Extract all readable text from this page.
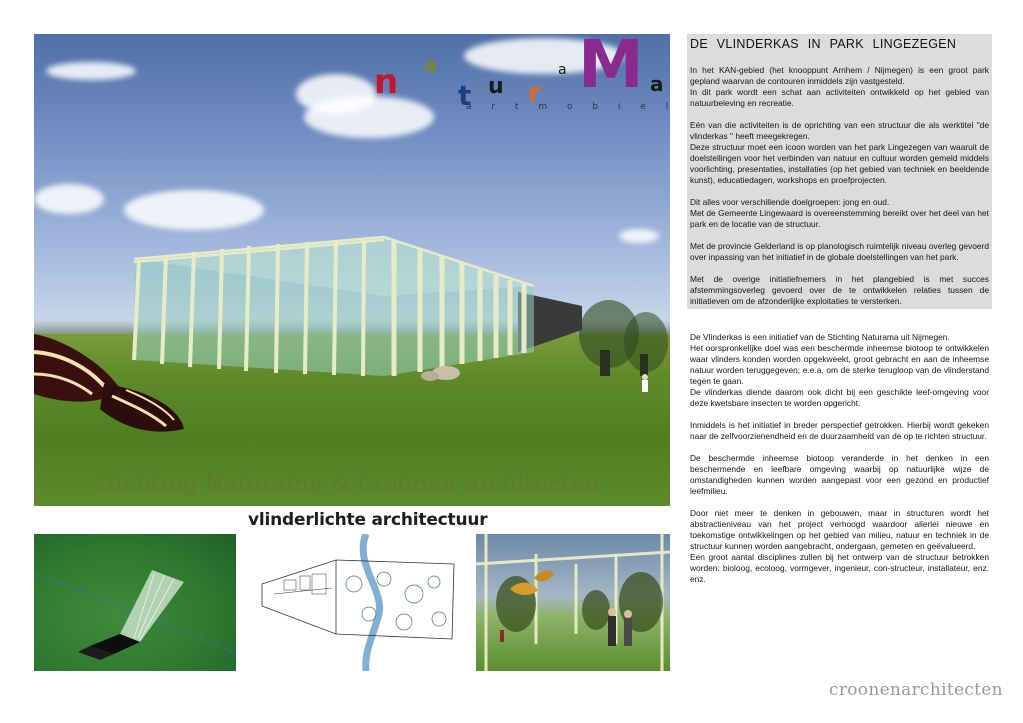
stichting Naturama & Croonen architecten
n a
t u r
a M a
a r t m o b i e l
vlinderlichte architectuur
DE VLINDERKAS IN PARK LINGEZEGEN
In het KAN-gebied (het knooppunt Arnhem / Nijmegen) is een groot park gepland waarvan de contouren inmiddels zijn vastgesteld.
In dit park wordt een schat aan activiteiten ontwikkeld op het gebied van natuurbeleving en recreatie.
Eén van die activiteiten is de oprichting van een structuur die als werktitel "de vlinderkas " heeft meegekregen.
Deze structuur moet een icoon worden van het park Lingezegen van waaruit de doelstellingen voor het verbinden van natuur en cultuur worden gemeld middels voorlichting, presentaties, installaties (op het gebied van techniek en beeldende kunst), educatiedagen, workshops en proefprojecten.
Dit alles voor verschillende doelgroepen: jong en oud.
Met de Gemeente Lingewaard is overeenstemming bereikt over het deel van het park en de locatie van de structuur.
Met de provincie Gelderland is op planologisch ruimtelijk niveau overleg gevoerd over inpassing van het initiatief in de globale doelstellingen van het park.
Met de overige initiatiefnemers in het plangebied is met succes afstemmingsoverleg gevoerd over de te ontwikkelen relaties tussen de initiatieven om de afzonderlijke exploitaties te versterken.
De Vlinderkas is een initiatief van de Stichting Naturama uit Nijmegen.
Het oorspronkelijke doel was een beschermde inheemse biotoop te ontwikkelen waar vlinders konden worden opgekweekt, groot gebracht en aan de inheemse natuur worden teruggegeven; e.e.a. om de sterke terugloop van de vlinderstand tegen te gaan.
De vlinderkas diende daarom ook dicht bij een geschikte leef-omgeving voor deze kwetsbare insecten te worden opgericht.
Inmiddels is het initiatief in breder perspectief getrokken. Hierbij wordt gekeken naar de zelfvoorzienendheid en de duurzaamheid van de op te richten structuur.
De beschermde inheemse biotoop veranderde in het denken in een beschermende en leefbare omgeving waarbij op natuurlijke wijze de omstandigheden kunnen worden aangepast voor een gezond en productief leefmilieu.
Door niet meer te denken in gebouwen, maar in structuren wordt het abstractieniveau van het project verhoogd waardoor allerlei nieuwe en toekomstige ontwikkelingen op het gebied van milieu, natuur en techniek in de structuur kunnen worden aangebracht, ondergaan, gemeten en geëvalueerd.
Een groot aantal disciplines zullen bij het ontwerp van de structuur betrokken worden: bioloog, ecoloog, vormgever, ingenieur, con-structeur, installateur, enz. enz.
croonenarchitecten
